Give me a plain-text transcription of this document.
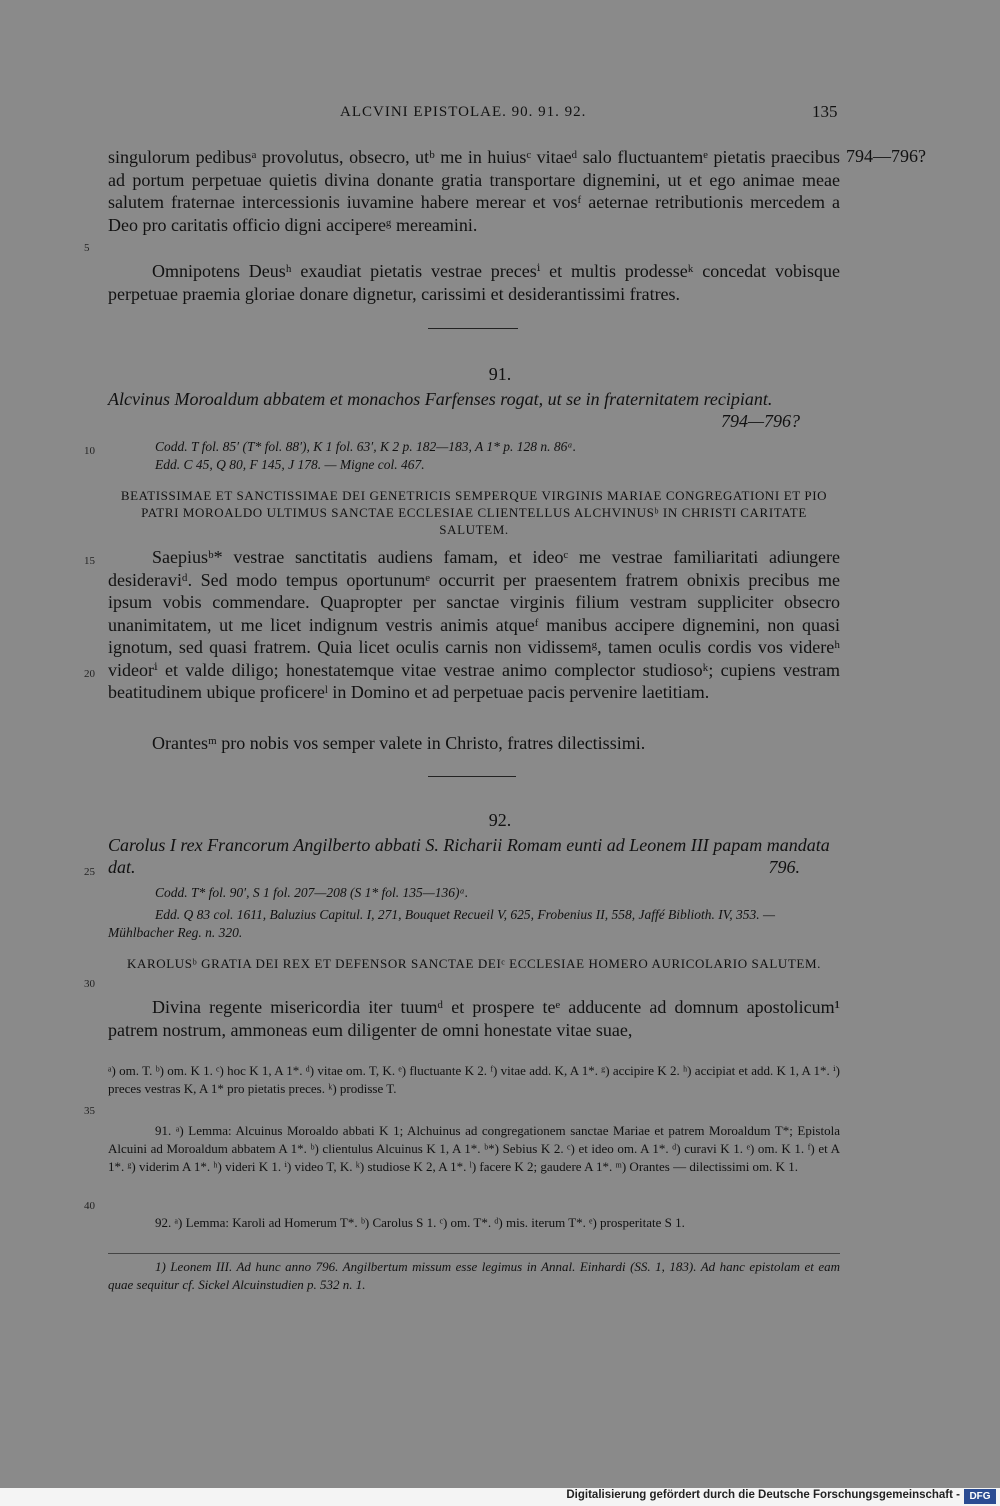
ALCVINI EPISTOLAE. 90. 91. 92.	135
794—796?
5
10
15
20
25
30
35
40
singulorum pedibusᵃ provolutus, obsecro, utᵇ me in huiusᶜ vitaeᵈ salo fluctuantemᵉ pietatis praecibus ad portum perpetuae quietis divina donante gratia transportare dignemini, ut et ego animae meae salutem fraternae intercessionis iuvamine habere merear et vosᶠ aeternae retributionis mercedem a Deo pro caritatis officio digni accipereᵍ mereamini.
Omnipotens Deusʰ exaudiat pietatis vestrae precesⁱ et multis prodesseᵏ concedat vobisque perpetuae praemia gloriae donare dignetur, carissimi et desiderantissimi fratres.
91.
Alcvinus Moroaldum abbatem et monachos Farfenses rogat, ut se in fraternitatem recipiant.
794—796?
Codd. T fol. 85′ (T* fol. 88′), K 1 fol. 63′, K 2 p. 182—183, A 1* p. 128 n. 86ᵃ.
Edd. C 45, Q 80, F 145, J 178. — Migne col. 467.
BEATISSIMAE ET SANCTISSIMAE DEI GENETRICIS SEMPERQUE VIRGINIS MARIAE CONGREGATIONI ET PIO PATRI MOROALDO ULTIMUS SANCTAE ECCLESIAE CLIENTELLUS ALCHVINUSᵇ IN CHRISTI CARITATE SALUTEM.
Saepiusᵇ* vestrae sanctitatis audiens famam, et ideoᶜ me vestrae familiaritati adiungere desideraviᵈ. Sed modo tempus oportunumᵉ occurrit per praesentem fratrem obnixis precibus me ipsum vobis commendare. Quapropter per sanctae virginis filium vestram suppliciter obsecro unanimitatem, ut me licet indignum vestris animis atqueᶠ manibus accipere dignemini, non quasi ignotum, sed quasi fratrem. Quia licet oculis carnis non vidissemᵍ, tamen oculis cordis vos videreʰ videorⁱ et valde diligo; honestatemque vitae vestrae animo complector studiosoᵏ; cupiens vestram beatitudinem ubique proficereˡ in Domino et ad perpetuae pacis pervenire laetitiam.
Orantesᵐ pro nobis vos semper valete in Christo, fratres dilectissimi.
92.
Carolus I rex Francorum Angilberto abbati S. Richarii Romam eunti ad Leonem III papam mandata dat.	796.
Codd. T* fol. 90′, S 1 fol. 207—208 (S 1* fol. 135—136)ᵃ.
Edd. Q 83 col. 1611, Baluzius Capitul. I, 271, Bouquet Recueil V, 625, Frobenius II, 558, Jaffé Biblioth. IV, 353. — Mühlbacher Reg. n. 320.
KAROLUSᵇ GRATIA DEI REX ET DEFENSOR SANCTAE DEIᶜ ECCLESIAE HOMERO AURICOLARIO SALUTEM.
Divina regente misericordia iter tuumᵈ et prospere teᵉ adducente ad domnum apostolicum¹ patrem nostrum, ammoneas eum diligenter de omni honestate vitae suae,
ᵃ) om. T. ᵇ) om. K 1. ᶜ) hoc K 1, A 1*. ᵈ) vitae om. T, K. ᵉ) fluctuante K 2. ᶠ) vitae add. K, A 1*. ᵍ) accipire K 2. ʰ) accipiat et add. K 1, A 1*. ⁱ) preces vestras K, A 1* pro pietatis preces. ᵏ) prodisse T.
91. ᵃ) Lemma: Alcuinus Moroaldo abbati K 1; Alchuinus ad congregationem sanctae Mariae et patrem Moroaldum T*; Epistola Alcuini ad Moroaldum abbatem A 1*. ᵇ) clientulus Alcuinus K 1, A 1*. ᵇ*) Sebius K 2. ᶜ) et ideo om. A 1*. ᵈ) curavi K 1. ᵉ) om. K 1. ᶠ) et A 1*. ᵍ) viderim A 1*. ʰ) videri K 1. ⁱ) video T, K. ᵏ) studiose K 2, A 1*. ˡ) facere K 2; gaudere A 1*. ᵐ) Orantes — dilectissimi om. K 1.
92. ᵃ) Lemma: Karoli ad Homerum T*. ᵇ) Carolus S 1. ᶜ) om. T*. ᵈ) mis. iterum T*. ᵉ) prosperitate S 1.
1) Leonem III. Ad hunc anno 796. Angilbertum missum esse legimus in Annal. Einhardi (SS. 1, 183). Ad hanc epistolam et eam quae sequitur cf. Sickel Alcuinstudien p. 532 n. 1.
Digitalisierung gefördert durch die Deutsche Forschungsgemeinschaft - DFG
